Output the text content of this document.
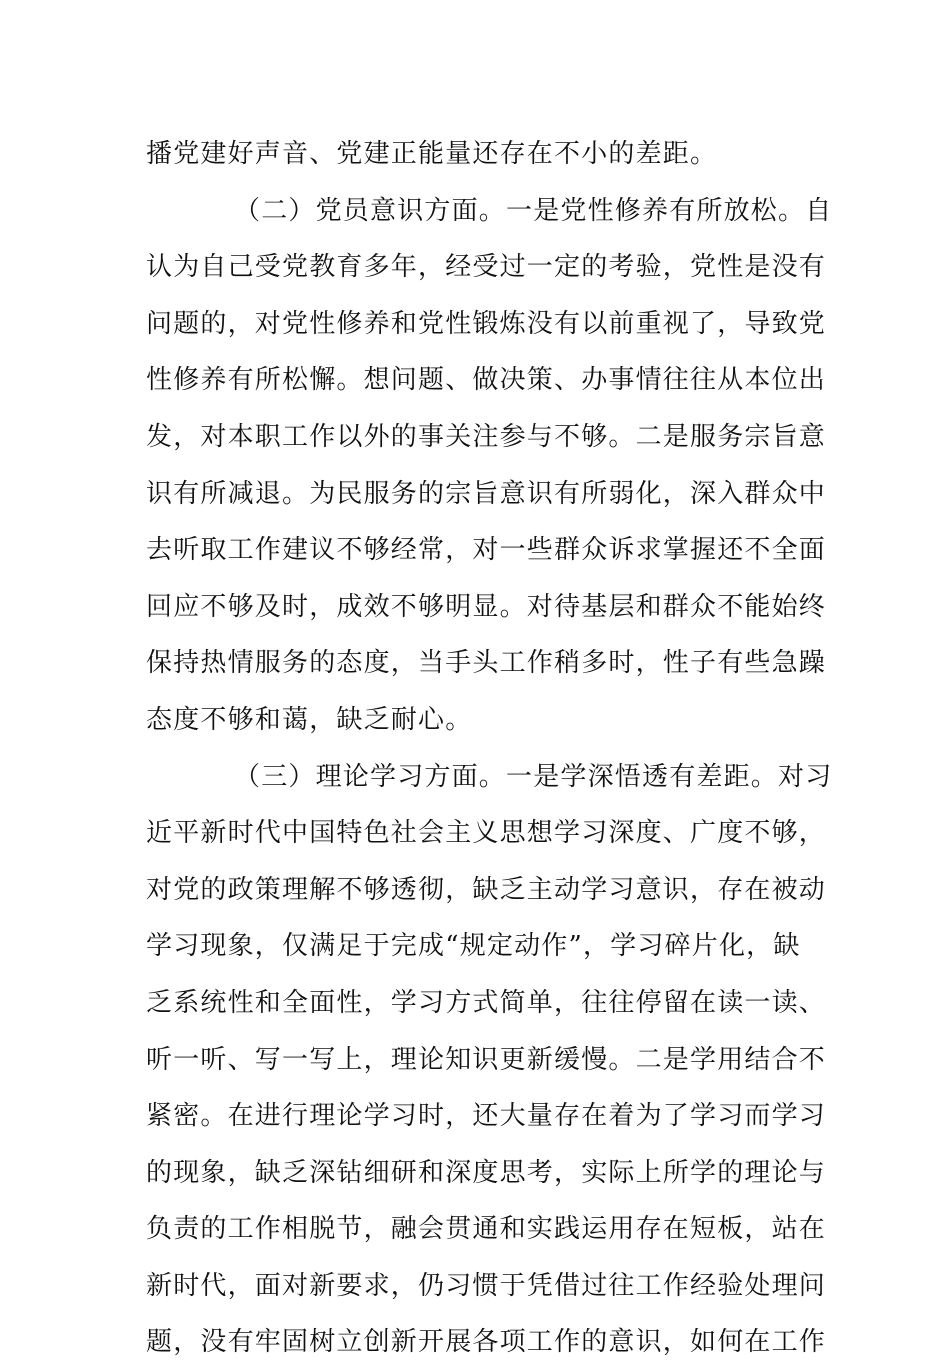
播党建好声音、党建正能量还存在不小的差距。
（二）党员意识方面。一是党性修养有所放松。自
认为自己受党教育多年，经受过一定的考验，党性是没有
问题的，对党性修养和党性锻炼没有以前重视了，导致党
性修养有所松懈。想问题、做决策、办事情往往从本位出
发，对本职工作以外的事关注参与不够。二是服务宗旨意
识有所减退。为民服务的宗旨意识有所弱化，深入群众中
去听取工作建议不够经常，对一些群众诉求掌握还不全面
回应不够及时，成效不够明显。对待基层和群众不能始终
保持热情服务的态度，当手头工作稍多时，性子有些急躁
态度不够和蔼，缺乏耐心。
（三）理论学习方面。一是学深悟透有差距。对习
近平新时代中国特色社会主义思想学习深度、广度不够，
对党的政策理解不够透彻，缺乏主动学习意识，存在被动
学习现象，仅满足于完成“规定动作”，学习碎片化，缺
乏系统性和全面性，学习方式简单，往往停留在读一读、
听一听、写一写上，理论知识更新缓慢。二是学用结合不
紧密。在进行理论学习时，还大量存在着为了学习而学习
的现象，缺乏深钻细研和深度思考，实际上所学的理论与
负责的工作相脱节，融会贯通和实践运用存在短板，站在
新时代，面对新要求，仍习惯于凭借过往工作经验处理问
题，没有牢固树立创新开展各项工作的意识，如何在工作
